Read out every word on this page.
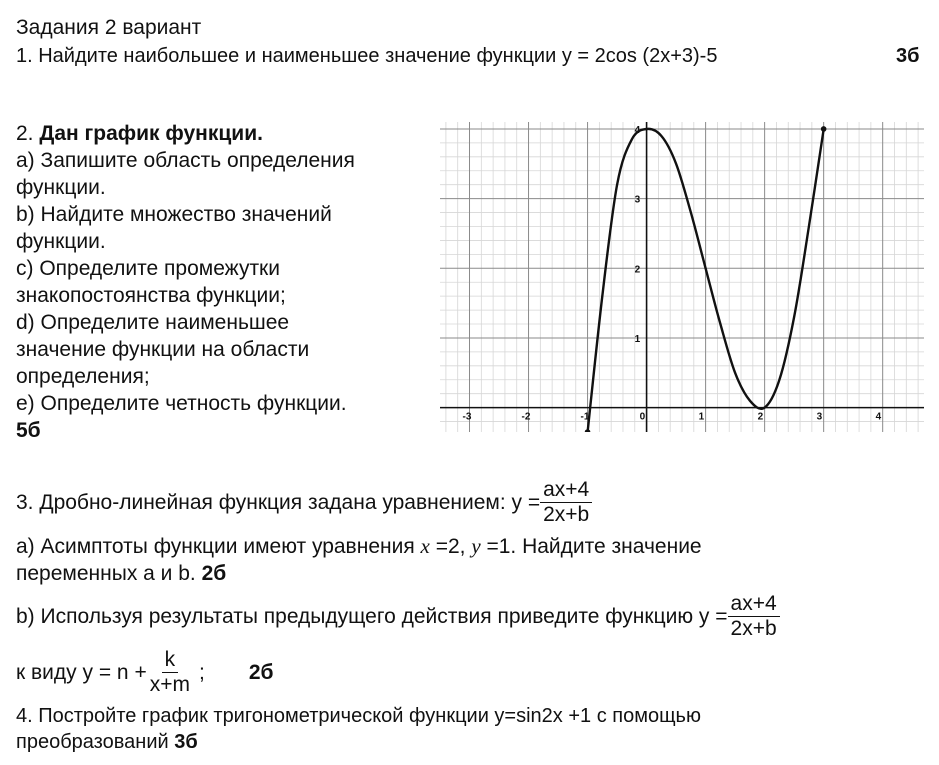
Задания 2 вариант
1. Найдите наибольшее и наименьшее значение функции у = 2cos (2x+3)-5	3б
2. Дан график функции.
а) Запишите область определения
функции.
b) Найдите множество значений
функции.
c) Определите промежутки
знакопостоянства функции;
d) Определите наименьшее
значение функции на области
определения;
e) Определите четность функции.
5б
-3	-2	-1	0	1	2	3	4
1
2
3
4
3. Дробно-линейная функция задана уравнением: $у = \frac{ax+4}{2x+b}$
а) Асимптоты функции имеют уравнения x =2, y =1. Найдите значение
переменных a и b. 2б
b) Используя результаты предыдущего действия приведите функцию $у = \frac{ax+4}{2x+b}$
к виду $у = n + \frac{k}{x+m}$ ; 2б
4. Постройте график тригонометрической функции у=sin2x +1 с помощью
преобразований 3б
